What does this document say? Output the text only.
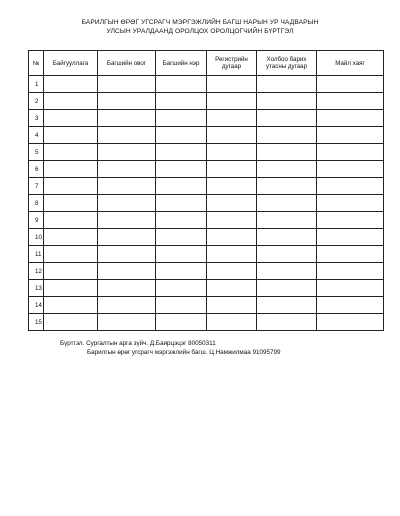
БАРИЛГЫН ӨРӨГ УГСРАГЧ МЭРГЭЖЛИЙН БАГШ НАРЫН УР ЧАДВАРЫН
УЛСЫН УРАЛДААНД ОРОЛЦОХ ОРОЛЦОГЧИЙН БҮРТГЭЛ
№	Байгууллага	Багшийн овог	Багшийн нэр	Регистрийн дугаар	Холбоо барих утасны дугаар	Майл хаяг
1						
2						
3						
4						
5						
6						
7						
8						
9						
10						
11						
12						
13						
14						
15						
Бүртгэл. Сургалтын арга зүйч. Д.Баярцэцэг 80050311
Барилгын өрөг угсрагч мэргэжлийн багш. Ц.Намжилмаа 91095799
